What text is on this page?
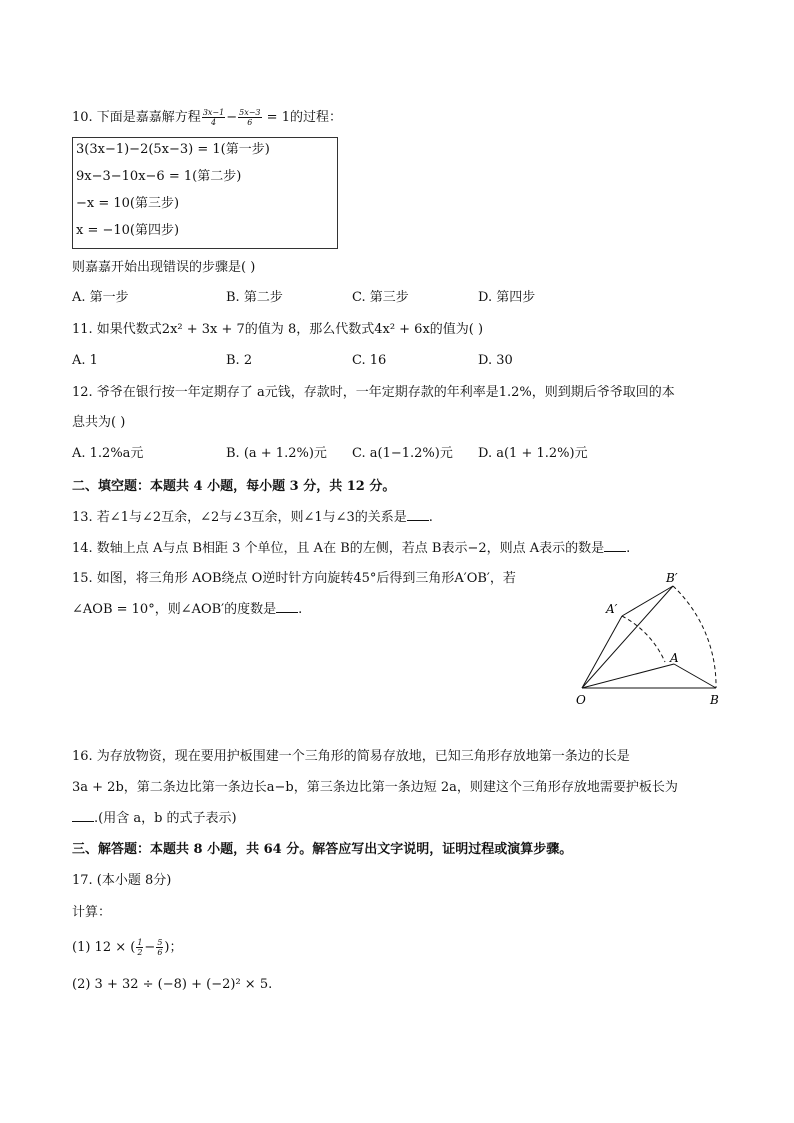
10. 下面是嘉嘉解方程 $\frac{3x-1}{4} - \frac{5x-3}{6} = 1$的过程：
3(3x−1)−2(5x−3) = 1(第一步)
9x−3−10x−6 = 1(第二步)
−x = 10(第三步)
x = −10(第四步)
则嘉嘉开始出现错误的步骤是( )
A. 第一步	B. 第二步	C. 第三步	D. 第四步
11. 如果代数式2x² + 3x + 7的值为 8，那么代数式4x² + 6x的值为( )
A. 1	B. 2	C. 16	D. 30
12. 爷爷在银行按一年定期存了 a元钱，存款时，一年定期存款的年利率是1.2%，则到期后爷爷取回的本
息共为( )
A. 1.2%a元	B. (a + 1.2%)元 C. a(1−1.2%)元 D. a(1 + 1.2%)元
二、填空题：本题共 4 小题，每小题 3 分，共 12 分。
13. 若∠1与∠2互余，∠2与∠3互余，则∠1与∠3的关系是 .
14. 数轴上点 A与点 B相距 3 个单位，且 A在 B的左侧，若点 B表示−2，则点 A表示的数是 .
15. 如图，将三角形 AOB绕点 O逆时针方向旋转45°后得到三角形A′OB′，若
∠AOB = 10°，则∠AOB′的度数是 .
B′
A′
A
O	B
16. 为存放物资，现在要用护板围建一个三角形的简易存放地，已知三角形存放地第一条边的长是
3a + 2b，第二条边比第一条边长a−b，第三条边比第一条边短 2a，则建这个三角形存放地需要护板长为
.(用含 a，b 的式子表示)
三、解答题：本题共 8 小题，共 64 分。解答应写出文字说明，证明过程或演算步骤。
17. (本小题 8分)
计算：
(1) 12 × ( $\frac{1}{2} - \frac{5}{6}$ )；
(2) 3 + 32 ÷ (−8) + (−2)² × 5.
